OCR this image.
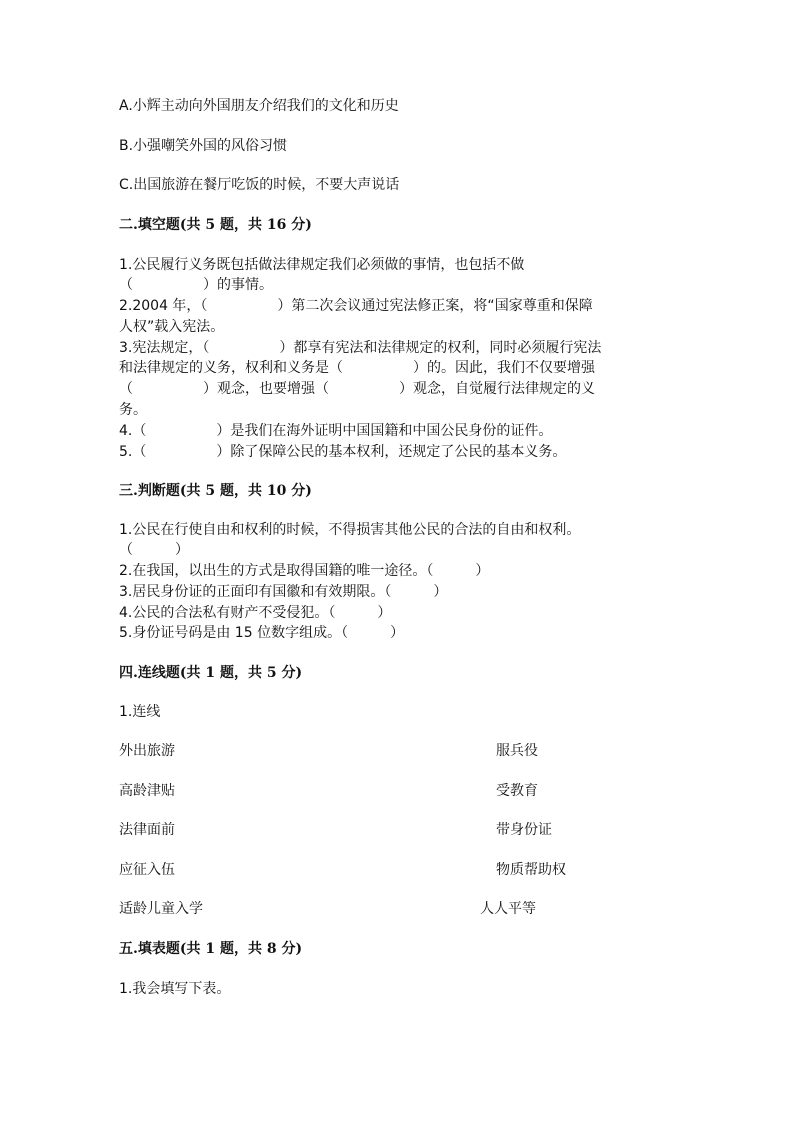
A.小辉主动向外国朋友介绍我们的文化和历史
B.小强嘲笑外国的风俗习惯
C.出国旅游在餐厅吃饭的时候，不要大声说话
二.填空题(共 5 题，共 16 分)
1.公民履行义务既包括做法律规定我们必须做的事情，也包括不做
（　　　　　）的事情。
2.2004 年，（　　　　　）第二次会议通过宪法修正案，将“国家尊重和保障
人权”载入宪法。
3.宪法规定，（　　　　　）都享有宪法和法律规定的权利，同时必须履行宪法
和法律规定的义务，权利和义务是（　　　　　）的。因此，我们不仅要增强
（　　　　　）观念，也要增强（　　　　　）观念，自觉履行法律规定的义
务。
4.（　　　　　）是我们在海外证明中国国籍和中国公民身份的证件。
5.（　　　　　）除了保障公民的基本权利，还规定了公民的基本义务。
三.判断题(共 5 题，共 10 分)
1.公民在行使自由和权利的时候，不得损害其他公民的合法的自由和权利。
（　　　）
2.在我国，以出生的方式是取得国籍的唯一途径。（　　　）
3.居民身份证的正面印有国徽和有效期限。（　　　）
4.公民的合法私有财产不受侵犯。（　　　）
5.身份证号码是由 15 位数字组成。（　　　）
四.连线题(共 1 题，共 5 分)
1.连线
外出旅游	服兵役
高龄津贴	受教育
法律面前	带身份证
应征入伍	物质帮助权
适龄儿童入学	人人平等
五.填表题(共 1 题，共 8 分)
1.我会填写下表。
